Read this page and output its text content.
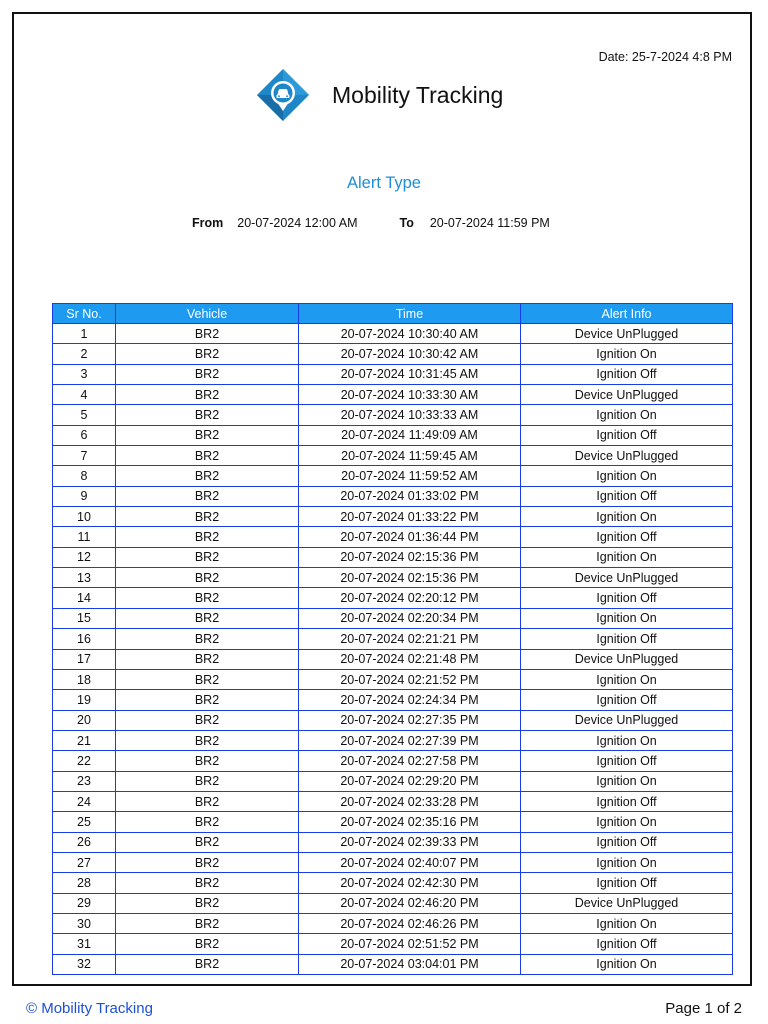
Date: 25-7-2024 4:8 PM
Mobility Tracking
Alert Type
From 20-07-2024 12:00 AM	To 20-07-2024 11:59 PM
Sr No.	Vehicle	Time	Alert Info
1	BR2	20-07-2024 10:30:40 AM	Device UnPlugged
2	BR2	20-07-2024 10:30:42 AM	Ignition On
3	BR2	20-07-2024 10:31:45 AM	Ignition Off
4	BR2	20-07-2024 10:33:30 AM	Device UnPlugged
5	BR2	20-07-2024 10:33:33 AM	Ignition On
6	BR2	20-07-2024 11:49:09 AM	Ignition Off
7	BR2	20-07-2024 11:59:45 AM	Device UnPlugged
8	BR2	20-07-2024 11:59:52 AM	Ignition On
9	BR2	20-07-2024 01:33:02 PM	Ignition Off
10	BR2	20-07-2024 01:33:22 PM	Ignition On
11	BR2	20-07-2024 01:36:44 PM	Ignition Off
12	BR2	20-07-2024 02:15:36 PM	Ignition On
13	BR2	20-07-2024 02:15:36 PM	Device UnPlugged
14	BR2	20-07-2024 02:20:12 PM	Ignition Off
15	BR2	20-07-2024 02:20:34 PM	Ignition On
16	BR2	20-07-2024 02:21:21 PM	Ignition Off
17	BR2	20-07-2024 02:21:48 PM	Device UnPlugged
18	BR2	20-07-2024 02:21:52 PM	Ignition On
19	BR2	20-07-2024 02:24:34 PM	Ignition Off
20	BR2	20-07-2024 02:27:35 PM	Device UnPlugged
21	BR2	20-07-2024 02:27:39 PM	Ignition On
22	BR2	20-07-2024 02:27:58 PM	Ignition Off
23	BR2	20-07-2024 02:29:20 PM	Ignition On
24	BR2	20-07-2024 02:33:28 PM	Ignition Off
25	BR2	20-07-2024 02:35:16 PM	Ignition On
26	BR2	20-07-2024 02:39:33 PM	Ignition Off
27	BR2	20-07-2024 02:40:07 PM	Ignition On
28	BR2	20-07-2024 02:42:30 PM	Ignition Off
29	BR2	20-07-2024 02:46:20 PM	Device UnPlugged
30	BR2	20-07-2024 02:46:26 PM	Ignition On
31	BR2	20-07-2024 02:51:52 PM	Ignition Off
32	BR2	20-07-2024 03:04:01 PM	Ignition On
© Mobility Tracking	Page 1 of 2
